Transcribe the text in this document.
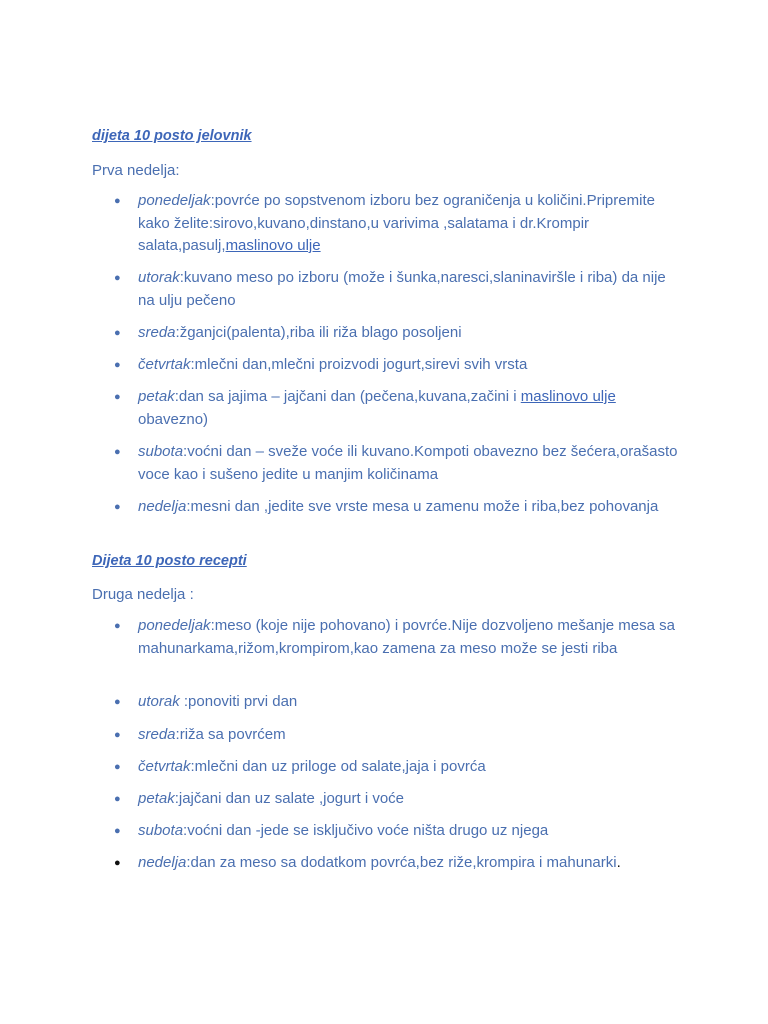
dijeta 10 posto jelovnik
Prva nedelja:
● ponedeljak:povrće po sopstvenom izboru bez ograničenja u količini.Pripremite kako želite:sirovo,kuvano,dinstano,u varivima ,salatama i dr.Krompir salata,pasulj,maslinovo ulje
● utorak:kuvano meso po izboru (može i šunka,naresci,slaninaviršle i riba) da nije na ulju pečeno
● sreda:žganjci(palenta),riba ili riža blago posoljeni
● četvrtak:mlečni dan,mlečni proizvodi jogurt,sirevi svih vrsta
● petak:dan sa jajima – jajčani dan (pečena,kuvana,začini i maslinovo ulje obavezno)
● subota:voćni dan – sveže voće ili kuvano.Kompoti obavezno bez šećera,orašasto voce kao i sušeno jedite u manjim količinama
● nedelja:mesni dan ,jedite sve vrste mesa u zamenu može i riba,bez pohovanja
Dijeta 10 posto recepti
Druga nedelja :
● ponedeljak:meso (koje nije pohovano) i povrće.Nije dozvoljeno mešanje mesa sa mahunarkama,rižom,krompirom,kao zamena za meso može se jesti riba
● utorak :ponoviti prvi dan
● sreda:riža sa povrćem
● četvrtak:mlečni dan uz priloge od salate,jaja i povrća
● petak:jajčani dan uz salate ,jogurt i voće
● subota:voćni dan -jede se isključivo voće ništa drugo uz njega
● nedelja:dan za meso sa dodatkom povrća,bez riže,krompira i mahunarki.
